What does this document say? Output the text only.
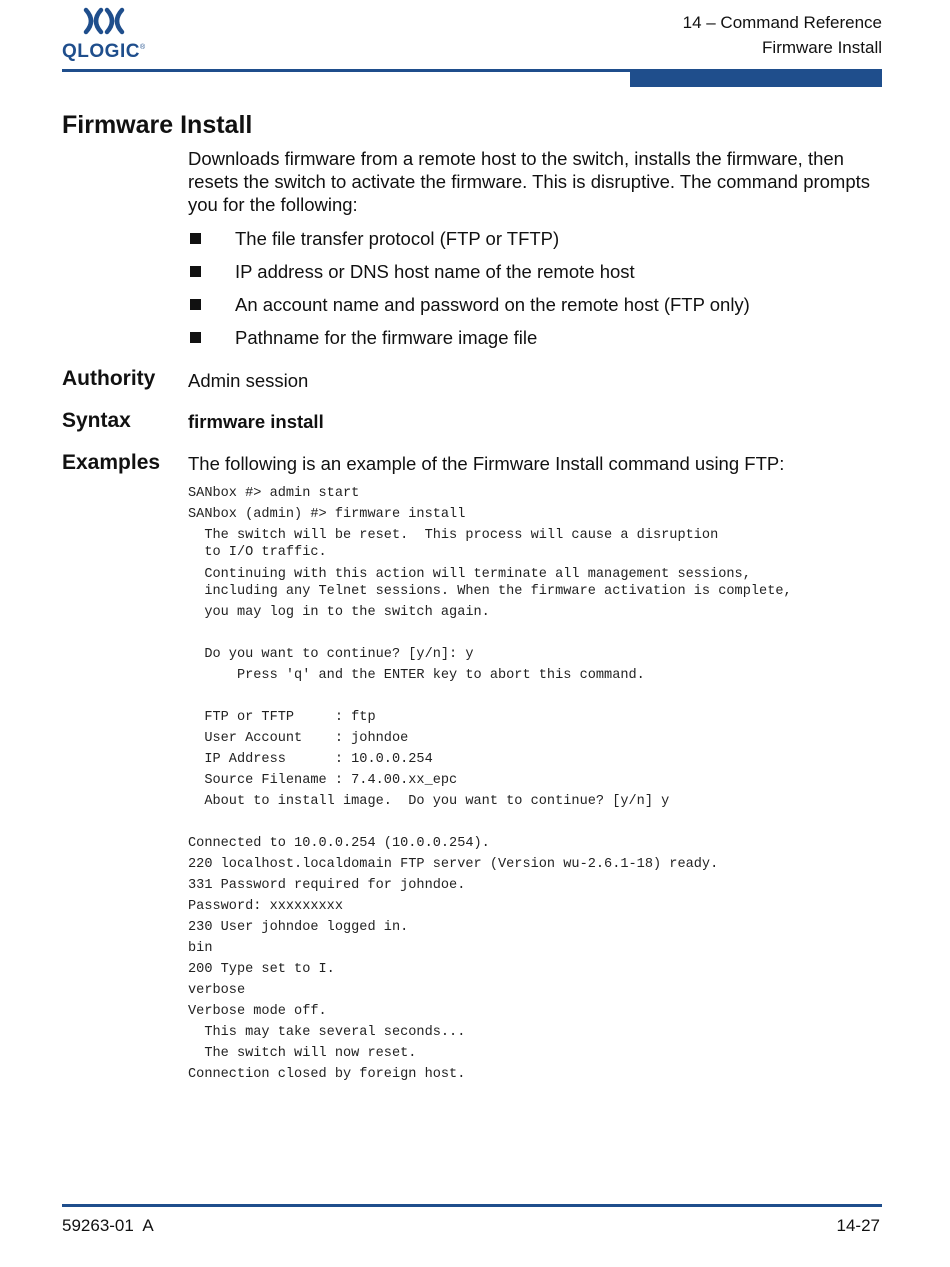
QLOGIC®
14 – Command Reference
Firmware Install
Firmware Install

Downloads firmware from a remote host to the switch, installs the firmware, then resets the switch to activate the firmware. This is disruptive. The command prompts you for the following:

The file transfer protocol (FTP or TFTP)
IP address or DNS host name of the remote host
An account name and password on the remote host (FTP only)
Pathname for the firmware image file
Authority Admin session
Syntax	firmware install
Examples The following is an example of the Firmware Install command using FTP:
SANbox #> admin start
SANbox (admin) #> firmware install
The switch will be reset.  This process will cause a disruption
to I/O traffic.
Continuing with this action will terminate all management sessions,
including any Telnet sessions. When the firmware activation is complete,
you may log in to the switch again.
Do you want to continue? [y/n]: y
Press 'q' and the ENTER key to abort this command.
FTP or TFTP     : ftp
User Account    : johndoe
IP Address      : 10.0.0.254
Source Filename : 7.4.00.xx_epc
About to install image.  Do you want to continue? [y/n] y
Connected to 10.0.0.254 (10.0.0.254).
220 localhost.localdomain FTP server (Version wu-2.6.1-18) ready.
331 Password required for johndoe.
Password: xxxxxxxxx
230 User johndoe logged in.
bin
200 Type set to I.
verbose
Verbose mode off.
This may take several seconds...
The switch will now reset.
Connection closed by foreign host.
59263-01  A	14-27
